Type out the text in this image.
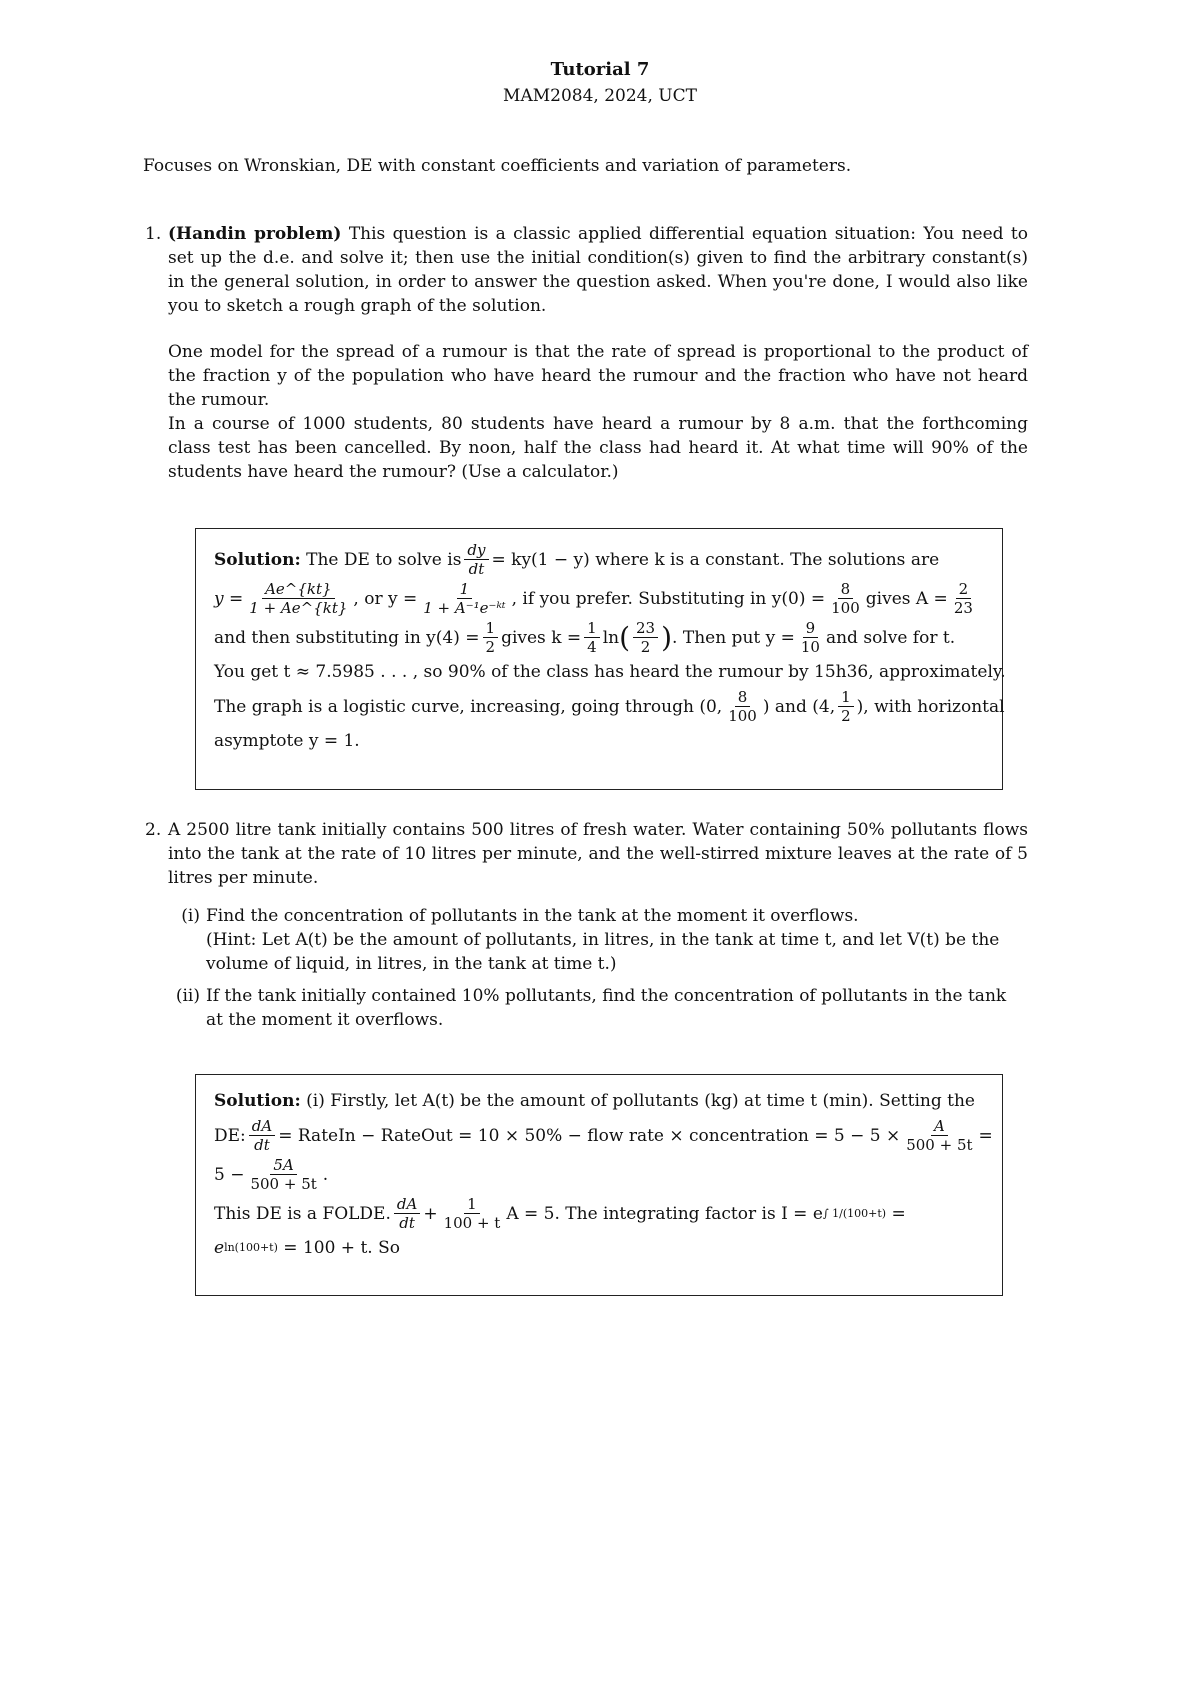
Tutorial 7
MAM2084, 2024, UCT
Focuses on Wronskian, DE with constant coefficients and variation of parameters.
1. (Handin problem) This question is a classic applied differential equation situation: You need to set up the d.e. and solve it; then use the initial condition(s) given to find the arbitrary constant(s) in the general solution, in order to answer the question asked. When you're done, I would also like you to sketch a rough graph of the solution.

One model for the spread of a rumour is that the rate of spread is proportional to the product of the fraction y of the population who have heard the rumour and the fraction who have not heard the rumour.

In a course of 1000 students, 80 students have heard a rumour by 8 a.m. that the forthcoming class test has been cancelled. By noon, half the class had heard it. At what time will 90% of the students have heard the rumour? (Use a calculator.)

Solution:
The DE to solve is $\frac{dy}{dt} = ky(1 - y)$ where k is a constant. The solutions are
$y = \frac{Ae\^{}\{kt\}}{1 + Ae\^{}\{kt\}}$ , or $y = \frac{1}{\text{1 + A⁻¹e⁻ᵏᵗ}}$ , if you prefer. Substituting in $y(0) = \frac{8}{100}$ gives $A = \frac{2}{23}$
and then substituting in $y(4) = \frac{1}{2}$ gives $k = \frac{1}{4}$ ln ( $\frac{23}{2}$ ) . Then put $y = \frac{9}{10}$ and solve for t.
You get t ≈ 7.5985 . . . , so 90% of the class has heard the rumour by 15h36, approximately.
The graph is a logistic curve, increasing, going through (0, $\frac{8}{100}$ ) and (4, $\frac{1}{2}$ ), with horizontal
asymptote y = 1.
2. A 2500 litre tank initially contains 500 litres of fresh water. Water containing 50% pollutants flows into the tank at the rate of 10 litres per minute, and the well-stirred mixture leaves at the rate of 5 litres per minute.

(i) Find the concentration of pollutants in the tank at the moment it overflows.
(Hint: Let A(t) be the amount of pollutants, in litres, in the tank at time t, and let V(t) be the volume of liquid, in litres, in the tank at time t.)
(ii) If the tank initially contained 10% pollutants, find the concentration of pollutants in the tank at the moment it overflows.
Solution:
(i) Firstly, let A(t) be the amount of pollutants (kg) at time t (min). Setting the
DE: $\frac{dA}{dt}$ = RateIn − RateOut = 10 × 50% − flow rate × concentration = $5 - 5 \times \frac{A}{500 + 5t}$ =
$5 - \frac{5A}{500 + 5t}$ .
This DE is a FOLDE. $\frac{dA}{dt} + \frac{1}{100 + t}$ A = 5. The integrating factor is I = e ∫ 1/(100+t)
=
e ln(100+t)
= 100 + t. So
